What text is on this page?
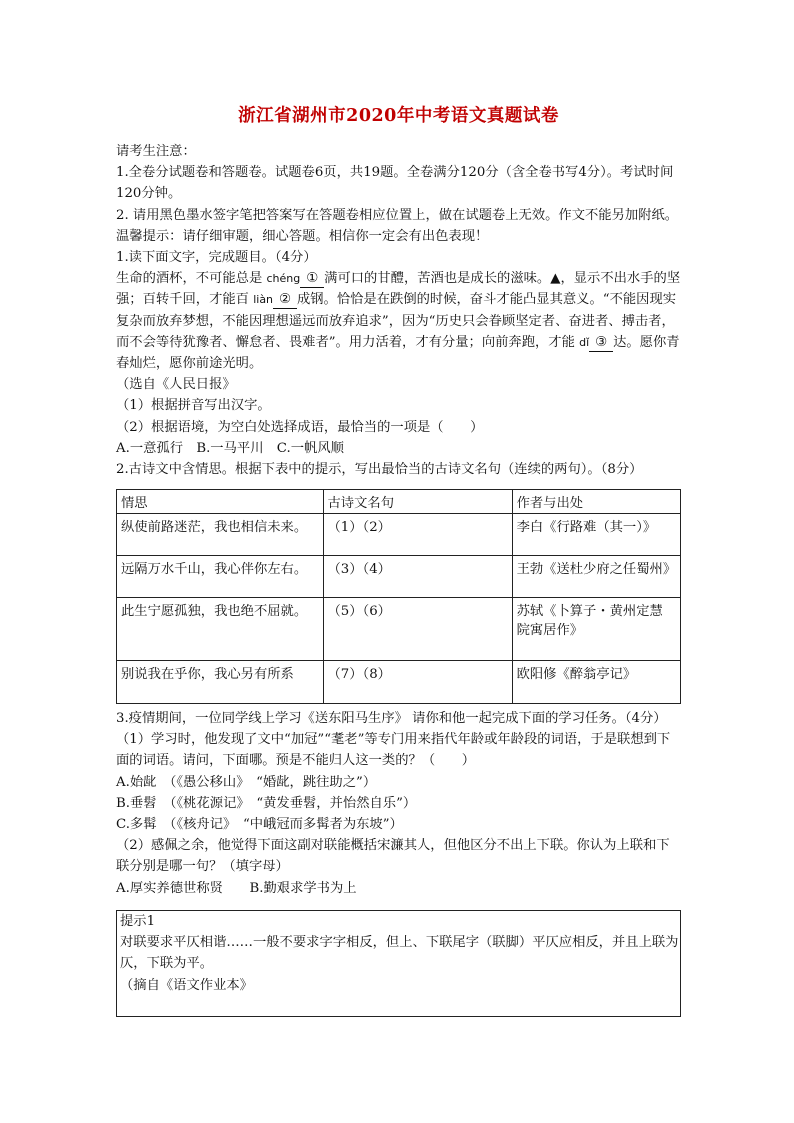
浙江省湖州市2020年中考语文真题试卷

请考生注意：

1.全卷分试题卷和答题卷。试题卷6页，共19题。全卷满分120分（含全卷书写4分）。考试时间120分钟。

2. 请用黑色墨水签字笔把答案写在答题卷相应位置上，做在试题卷上无效。作文不能另加附纸。

温馨提示：请仔细审题，细心答题。相信你一定会有出色表现！

1.读下面文字，完成题目。（4分）

生命的酒杯，不可能总是 chéng ① 满可口的甘醴，苦酒也是成长的滋味。▲，显示不出水手的坚强；百转千回，才能百 liàn ② 成钢。恰恰是在跌倒的时候，奋斗才能凸显其意义。“不能因现实复杂而放弃梦想，不能因理想遥远而放弃追求”，因为“历史只会眷顾坚定者、奋进者、搏击者，而不会等待犹豫者、懈怠者、畏难者”。用力活着，才有分量；向前奔跑，才能 dǐ ③ 达。愿你青春灿烂，愿你前途光明。

（选自《人民日报》

（1）根据拼音写出汉字。

（2）根据语境，为空白处选择成语，最恰当的一项是（　　）

A.一意孤行　B.一马平川　C.一帆风顺

2.古诗文中含情思。根据下表中的提示，写出最恰当的古诗文名句（连续的两句）。（8分）

情思	古诗文名句	作者与出处
纵使前路迷茫，我也相信未来。	（1）（2）	李白《行路难（其一）》
远隔万水千山，我心伴你左右。	（3）（4）	王勃《送杜少府之任蜀州》
此生宁愿孤独，我也绝不屈就。	（5）（6）	苏轼《卜算子・黄州定慧院寓居作》
别说我在乎你，我心另有所系	（7）（8）	欧阳修《醉翁亭记》

3.疫情期间，一位同学线上学习《送东阳马生序》 请你和他一起完成下面的学习任务。（4分）

（1）学习时，他发现了文中“加冠”“耄老”等专门用来指代年龄或年龄段的词语，于是联想到下面的词语。请问，下面哪。预是不能归人这一类的？（　　）

A.始龀　（《愚公移山》　“婚龀，跳往助之”）

B.垂髫　（《桃花源记》　“黄发垂髫，并怡然自乐”）

C.多髯　（《核舟记》　“中峨冠而多髯者为东坡”）

（2）感佩之余，他觉得下面这副对联能概括宋濂其人，但他区分不出上下联。你认为上联和下联分别是哪一句？（填字母）

A.厚实养德世称贤　　B.勤艰求学书为上

提示1

对联要求平仄相谐……一般不要求字字相反，但上、下联尾字（联脚）平仄应相反，并且上联为仄，下联为平。

（摘自《语文作业本》
